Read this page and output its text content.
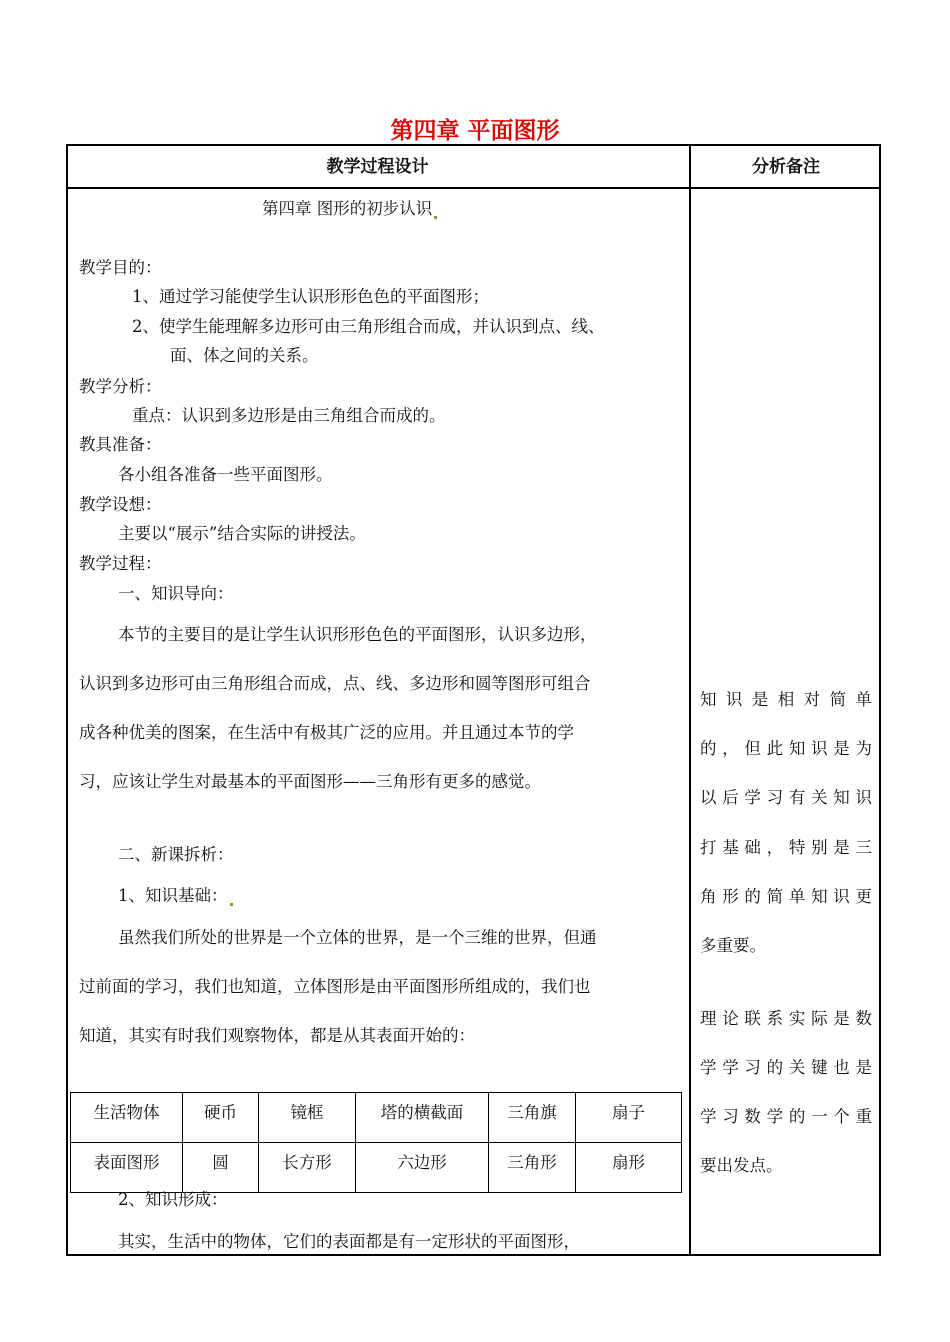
第四章 平面图形
教学过程设计	分析备注
第四章 图形的初步认识
教学目的：
1、通过学习能使学生认识形形色色的平面图形；
2、使学生能理解多边形可由三角形组合而成，并认识到点、线、
面、体之间的关系。
教学分析：
重点：认识到多边形是由三角组合而成的。
教具准备：
各小组各准备一些平面图形。
教学设想：
主要以“展示”结合实际的讲授法。
教学过程：
一、知识导向：
本节的主要目的是让学生认识形形色色的平面图形，认识多边形，
认识到多边形可由三角形组合而成，点、线、多边形和圆等图形可组合
成各种优美的图案，在生活中有极其广泛的应用。并且通过本节的学
习，应该让学生对最基本的平面图形——三角形有更多的感觉。
二、新课拆析：
1、知识基础：
虽然我们所处的世界是一个立体的世界，是一个三维的世界，但通
过前面的学习，我们也知道，立体图形是由平面图形所组成的，我们也
知道，其实有时我们观察物体，都是从其表面开始的：
生活物体	硬币	镜框	塔的横截面	三角旗	扇子
表面图形	圆	长方形	六边形	三角形	扇形
2、知识形成：
其实，生活中的物体，它们的表面都是有一定形状的平面图形，
知识是相对简单
的，但此知识是为
以后学习有关知识
打基础，特别是三
角形的简单知识更
多重要。
理论联系实际是数
学学习的关键也是
学习数学的一个重
要出发点。
